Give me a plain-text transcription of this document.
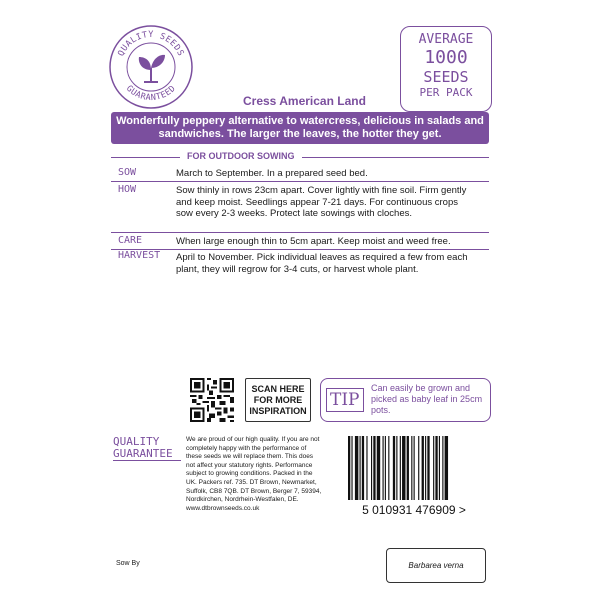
QUALITY SEEDS
GUARANTEED
Cress American Land
AVERAGE
1000
SEEDS
PER PACK
Wonderfully peppery alternative to watercress, delicious in salads and sandwiches. The larger the leaves, the hotter they get.
FOR OUTDOOR SOWING
SOW	March to September. In a prepared seed bed.
HOW	Sow thinly in rows 23cm apart. Cover lightly with fine soil. Firm gently and keep moist. Seedlings appear 7-21 days. For continuous crops sow every 2-3 weeks. Protect late sowings with cloches.
CARE	When large enough thin to 5cm apart. Keep moist and weed free.
HARVEST April to November. Pick individual leaves as required a few from each plant, they will regrow for 3-4 cuts, or harvest whole plant.
SCAN HERE
FOR MORE
INSPIRATION
TIP
Can easily be grown and picked as baby leaf in 25cm pots.
QUALITY
GUARANTEE
We are proud of our high quality. If you are not completely happy with the performance of these seeds we will replace them. This does not affect your statutory rights. Performance subject to growing conditions. Packed in the UK. Packers ref. 735. DT Brown, Newmarket, Suffolk, CB8 7QB. DT Brown, Berger 7, 59394, Nordkirchen, Nordrhein-Westfalen, DE. www.dtbrownseeds.co.uk	5 010931 476909 >
Sow By	Barbarea verna
